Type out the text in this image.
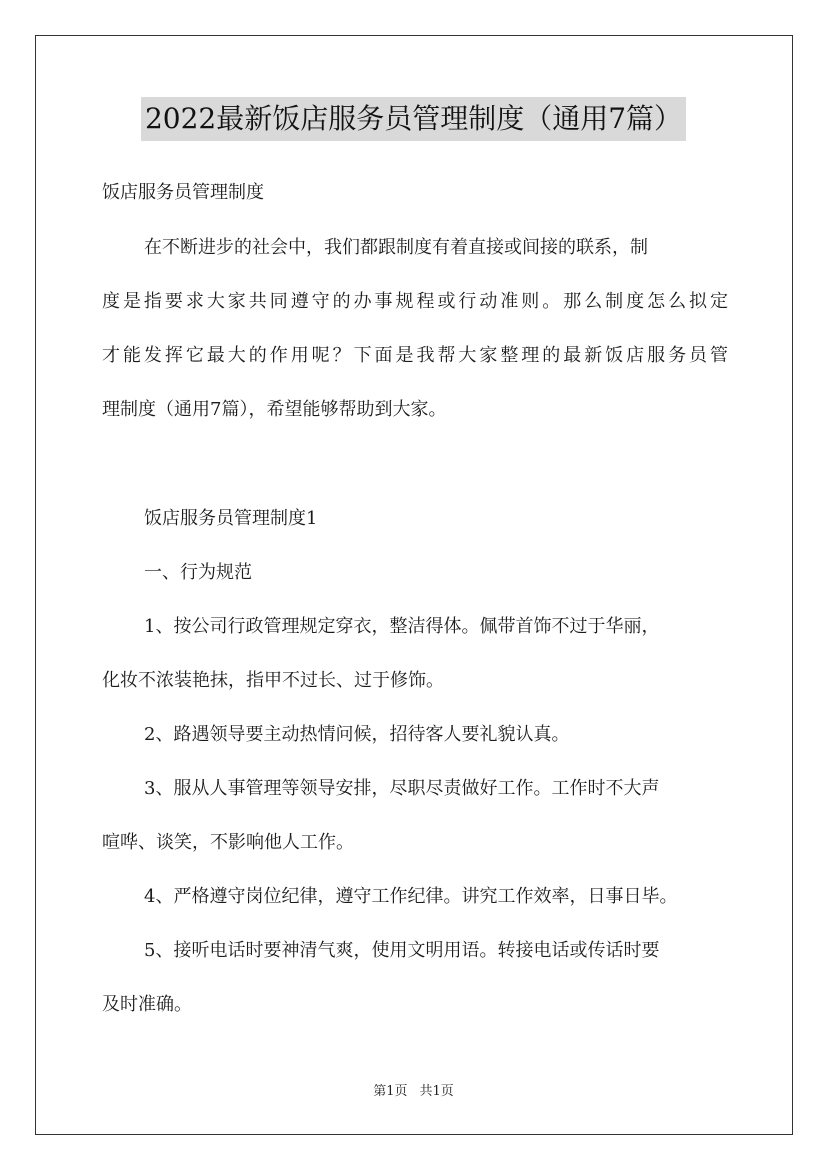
2022最新饭店服务员管理制度（通用7篇）
饭店服务员管理制度
在不断进步的社会中，我们都跟制度有着直接或间接的联系，制
度是指要求大家共同遵守的办事规程或行动准则。那么制度怎么拟定
才能发挥它最大的作用呢？下面是我帮大家整理的最新饭店服务员管
理制度（通用7篇），希望能够帮助到大家。
饭店服务员管理制度1
一、行为规范
1、按公司行政管理规定穿衣，整洁得体。佩带首饰不过于华丽，
化妆不浓装艳抹，指甲不过长、过于修饰。
2、路遇领导要主动热情问候，招待客人要礼貌认真。
3、服从人事管理等领导安排，尽职尽责做好工作。工作时不大声
喧哗、谈笑，不影响他人工作。
4、严格遵守岗位纪律，遵守工作纪律。讲究工作效率，日事日毕。
5、接听电话时要神清气爽，使用文明用语。转接电话或传话时要
及时准确。
第1页 共1页
